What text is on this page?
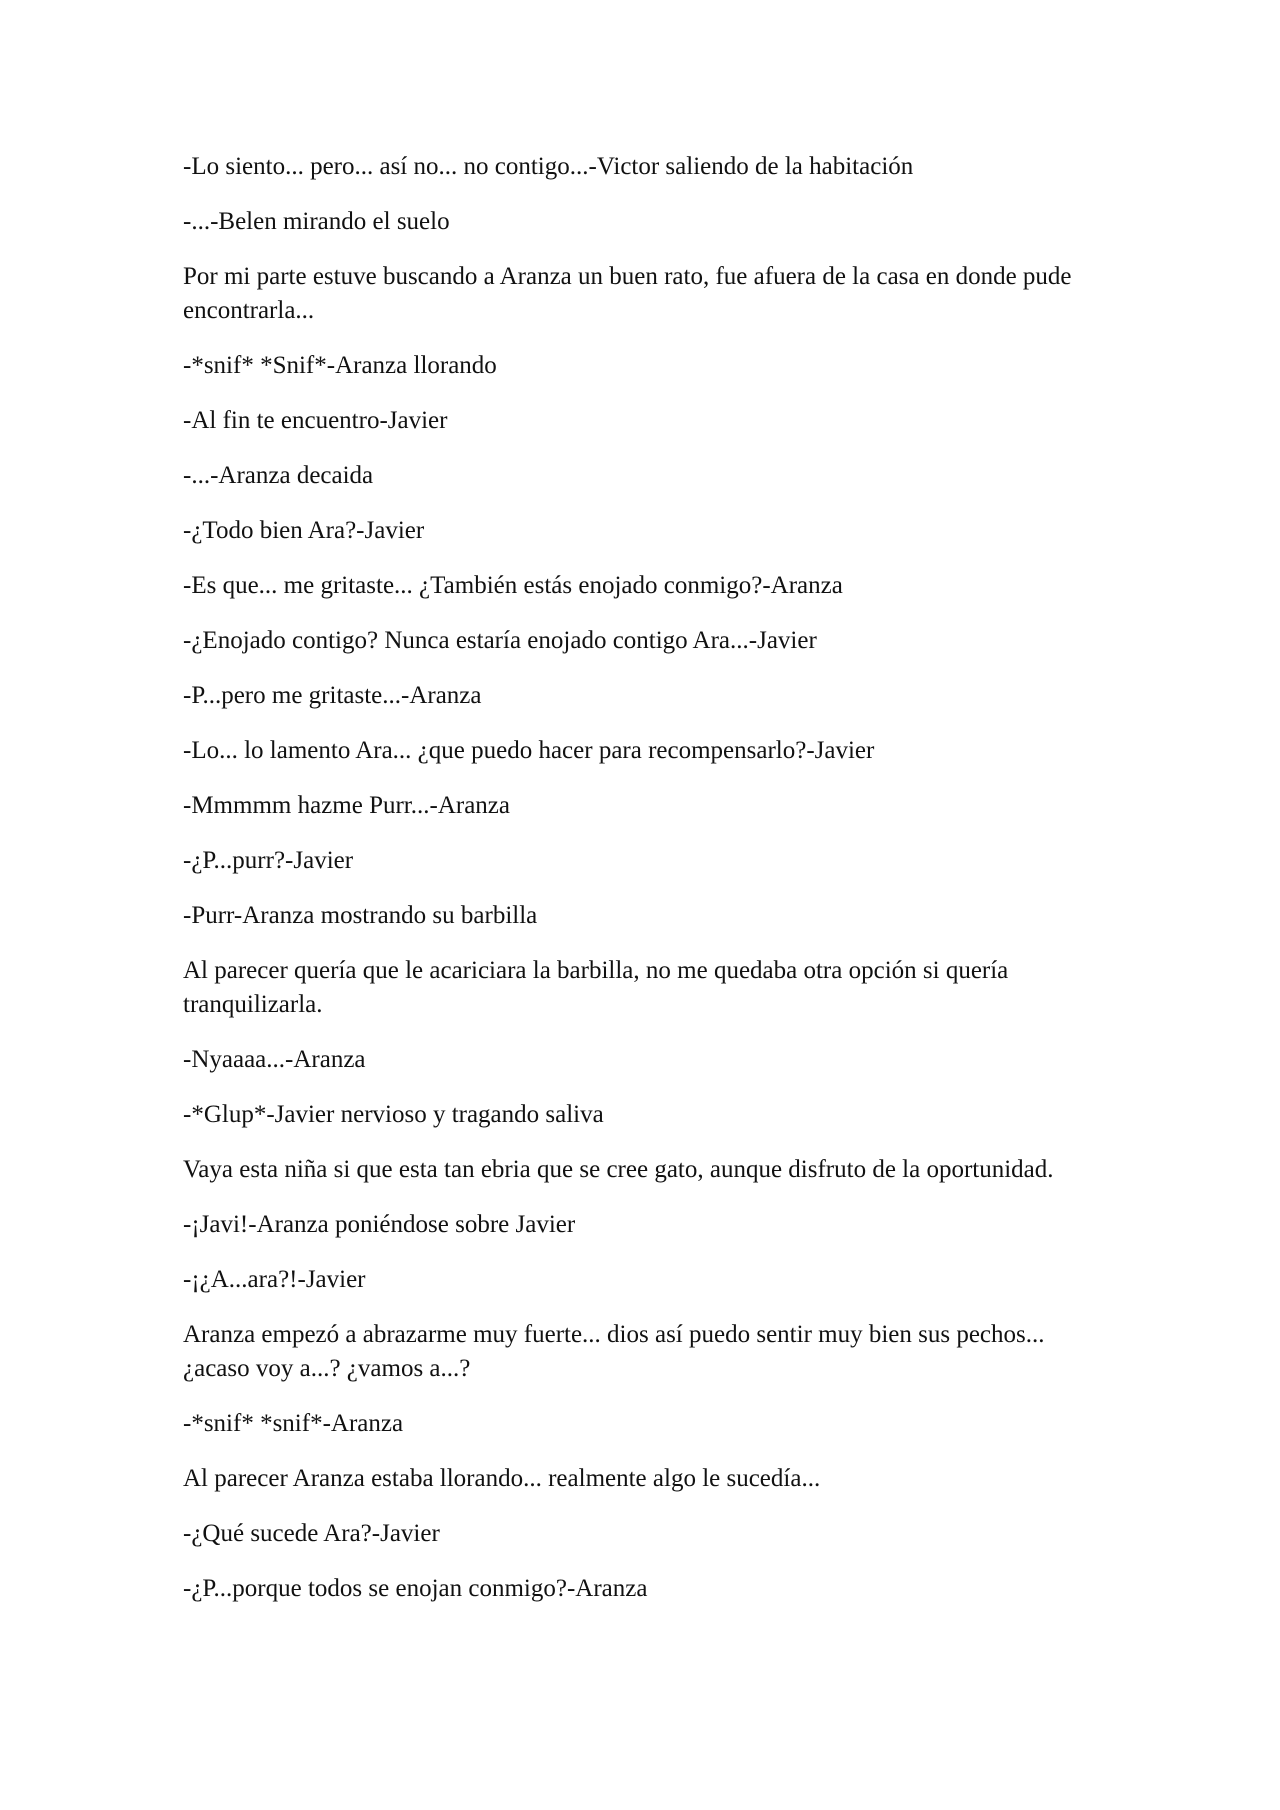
-Lo siento... pero... así no... no contigo...-Victor saliendo de la habitación

-...-Belen mirando el suelo

Por mi parte estuve buscando a Aranza un buen rato, fue afuera de la casa en donde pude encontrarla...

-*snif* *Snif*-Aranza llorando

-Al fin te encuentro-Javier

-...-Aranza decaida

-¿Todo bien Ara?-Javier

-Es que... me gritaste... ¿También estás enojado conmigo?-Aranza

-¿Enojado contigo? Nunca estaría enojado contigo Ara...-Javier

-P...pero me gritaste...-Aranza

-Lo... lo lamento Ara... ¿que puedo hacer para recompensarlo?-Javier

-Mmmmm hazme Purr...-Aranza

-¿P...purr?-Javier

-Purr-Aranza mostrando su barbilla

Al parecer quería que le acariciara la barbilla, no me quedaba otra opción si quería tranquilizarla.

-Nyaaaa...-Aranza

-*Glup*-Javier nervioso y tragando saliva

Vaya esta niña si que esta tan ebria que se cree gato, aunque disfruto de la oportunidad.

-¡Javi!-Aranza poniéndose sobre Javier

-¡¿A...ara?!-Javier

Aranza empezó a abrazarme muy fuerte... dios así puedo sentir muy bien sus pechos... ¿acaso voy a...? ¿vamos a...?

-*snif* *snif*-Aranza

Al parecer Aranza estaba llorando... realmente algo le sucedía...

-¿Qué sucede Ara?-Javier

-¿P...porque todos se enojan conmigo?-Aranza
